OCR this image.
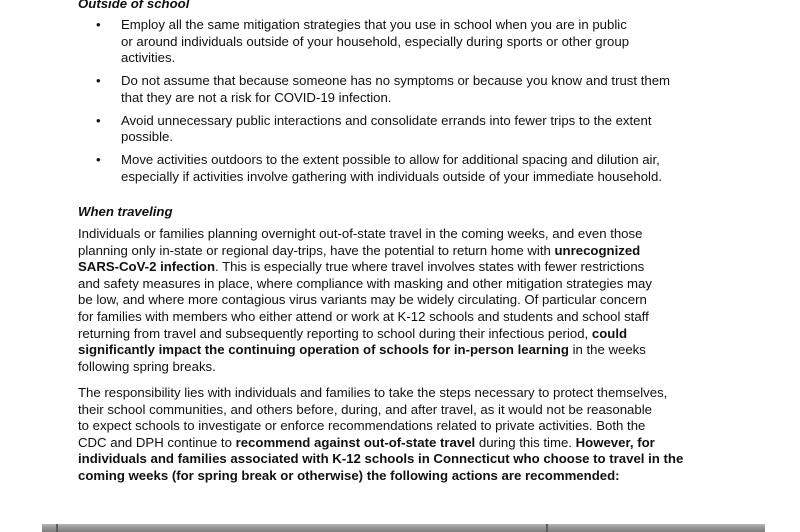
Outside of school

• Employ all the same mitigation strategies that you use in school when you are in public
or around individuals outside of your household, especially during sports or other group
activities.
• Do not assume that because someone has no symptoms or because you know and trust them
that they are not a risk for COVID-19 infection.
• Avoid unnecessary public interactions and consolidate errands into fewer trips to the extent
possible.
• Move activities outdoors to the extent possible to allow for additional spacing and dilution air,
especially if activities involve gathering with individuals outside of your immediate household.

When traveling

Individuals or families planning overnight out-of-state travel in the coming weeks, and even those
planning only in-state or regional day-trips, have the potential to return home with unrecognized
SARS-CoV-2 infection. This is especially true where travel involves states with fewer restrictions
and safety measures in place, where compliance with masking and other mitigation strategies may
be low, and where more contagious virus variants may be widely circulating. Of particular concern
for families with members who either attend or work at K-12 schools and students and school staff
returning from travel and subsequently reporting to school during their infectious period, could
significantly impact the continuing operation of schools for in-person learning in the weeks
following spring breaks.

The responsibility lies with individuals and families to take the steps necessary to protect themselves,
their school communities, and others before, during, and after travel, as it would not be reasonable
to expect schools to investigate or enforce recommendations related to private activities. Both the
CDC and DPH continue to recommend against out-of-state travel during this time. However, for
individuals and families associated with K-12 schools in Connecticut who choose to travel in the
coming weeks (for spring break or otherwise) the following actions are recommended:
